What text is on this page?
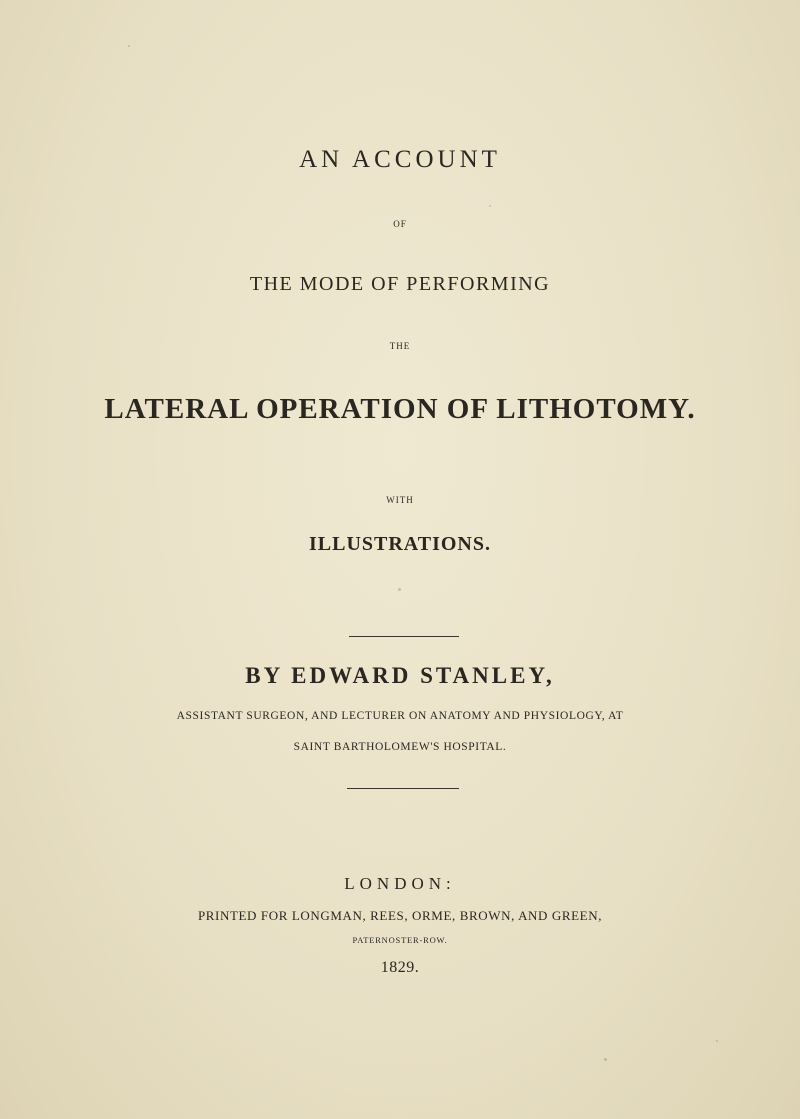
AN ACCOUNT
OF
THE MODE OF PERFORMING
THE
LATERAL OPERATION OF LITHOTOMY.
WITH
ILLUSTRATIONS.
BY EDWARD STANLEY,
ASSISTANT SURGEON, AND LECTURER ON ANATOMY AND PHYSIOLOGY, AT
SAINT BARTHOLOMEW'S HOSPITAL.
LONDON:
PRINTED FOR LONGMAN, REES, ORME, BROWN, AND GREEN,
PATERNOSTER-ROW.
1829.
